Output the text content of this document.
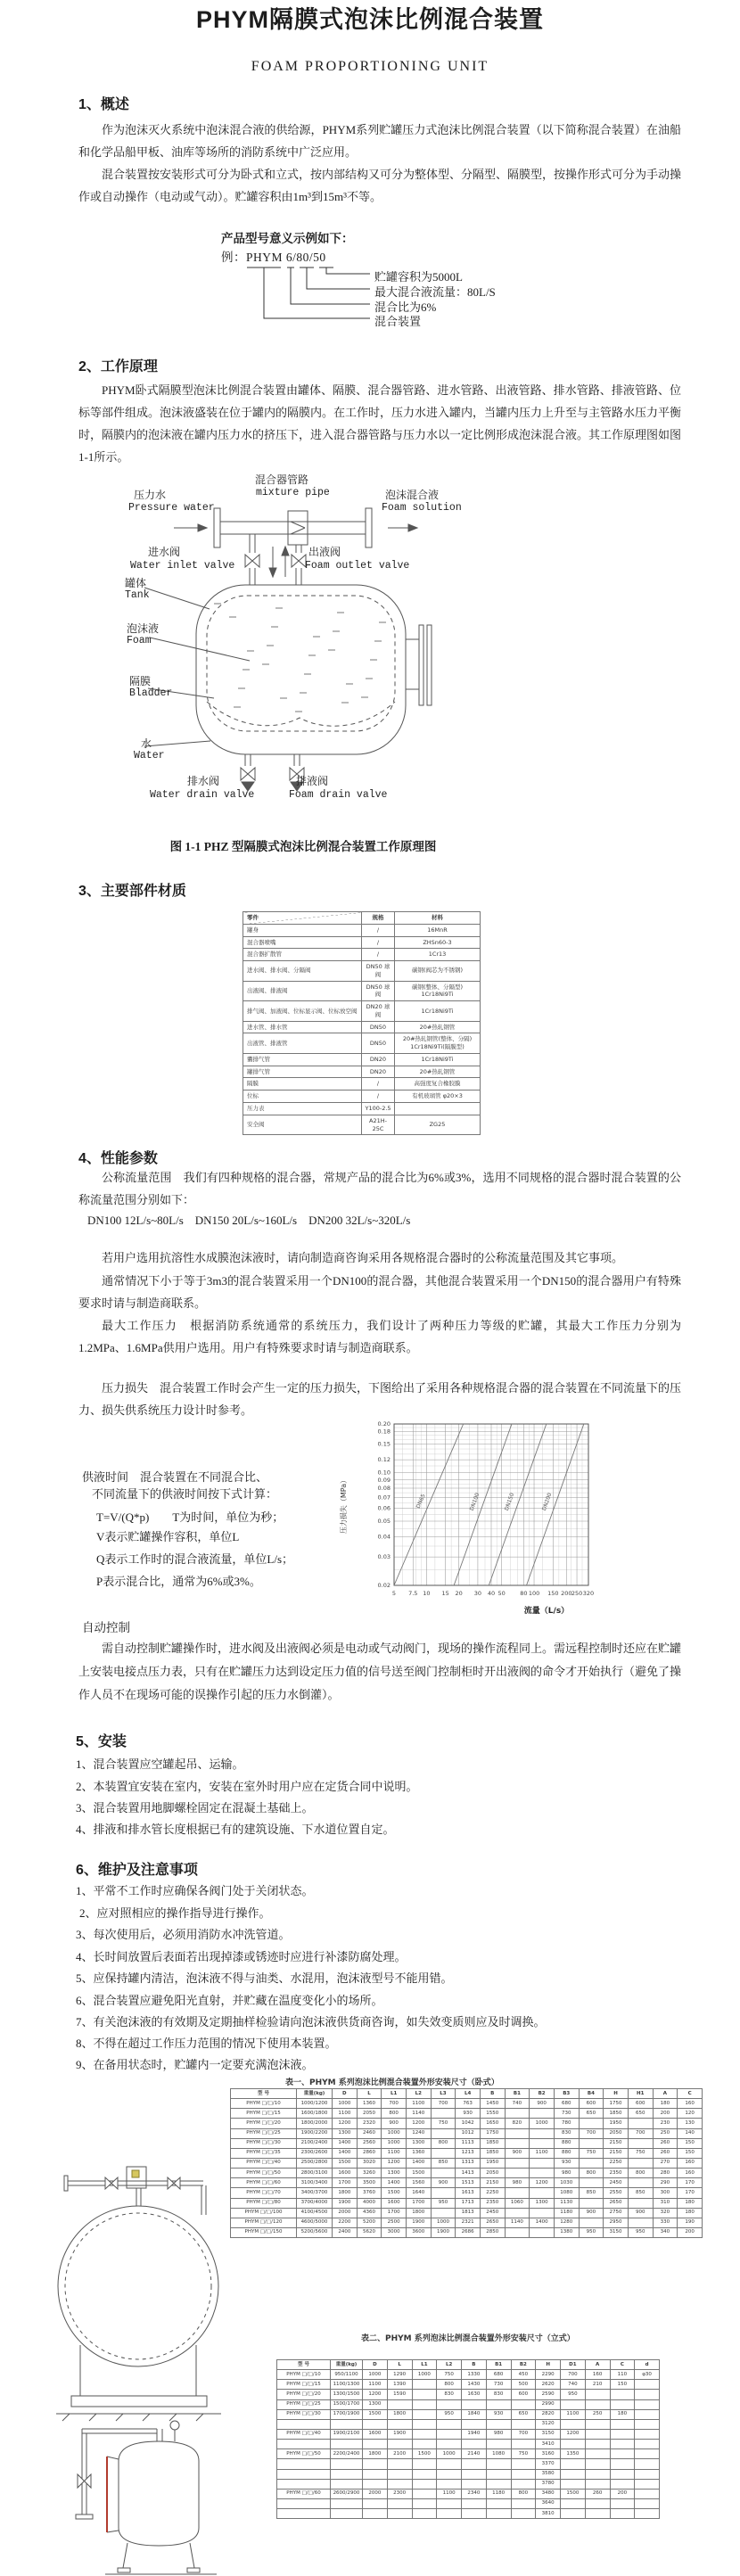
PHYM隔膜式泡沫比例混合装置
FOAM PROPORTIONING UNIT
1、概述
作为泡沫灭火系统中泡沫混合液的供给源，PHYM系列贮罐压力式泡沫比例混合装置（以下简称混合装置）在油船和化学品船甲板、油库等场所的消防系统中广泛应用。
混合装置按安装形式可分为卧式和立式，按内部结构又可分为整体型、分隔型、隔膜型，按操作形式可分为手动操作或自动操作（电动或气动）。贮罐容积由1m³到15m³不等。
产品型号意义示例如下：
例：PHYM 6/80/50
贮罐容积为5000L
最大混合液流量：80L/S
混合比为6%
混合装置
2、工作原理
PHYM卧式隔膜型泡沫比例混合装置由罐体、隔膜、混合器管路、进水管路、出液管路、排水管路、排液管路、位标等部件组成。泡沫液盛装在位于罐内的隔膜内。在工作时，压力水进入罐内，当罐内压力上升至与主管路水压力平衡时，隔膜内的泡沫液在罐内压力水的挤压下，进入混合器管路与压力水以一定比例形成泡沫混合液。其工作原理图如图1-1所示。
压力水
Pressure water
混合器管路
mixture pipe	泡沫混合液
Foam solution
进水阀
Water inlet valve
出液阀
Foam outlet valve
罐体
Tank
泡沫液
Foam
隔膜
Bladder
水
Water
排水阀
Water drain valve
排液阀
Foam drain valve
图 1-1 PHZ 型隔膜式泡沫比例混合装置工作原理图
3、主要部件材质
零件	规格	材料
罐身	/	16MnR
混合器喷嘴	/	ZHSn60-3
混合器扩散管	/	1Cr13
进水阀、排水阀、分隔阀	DN50 球阀	碳钢(阀芯为不锈钢)
出液阀、排液阀	DN50 球阀	碳钢(整体、分隔型) 1Cr18Ni9Ti
排气阀、加液阀、位标显示阀、位标放空阀	DN20 球阀	1Cr18Ni9Ti
进水管、排水管	DN50	20#热轧钢管
出液管、排液管	DN50	20#热轧钢管(整体、分隔) 1Cr18Ni9Ti(隔膜型)
囊排气管	DN20	1Cr18Ni9Ti
罐排气管	DN20	20#热轧钢管
隔膜	/	高强度复合橡胶膜
位标	/	有机玻璃管 φ20×3
压力表	Y100-2.5	
安全阀	A21H-25C	ZG25
4、性能参数
公称流量范围　我们有四种规格的混合器，常规产品的混合比为6%或3%，选用不同规格的混合器时混合装置的公称流量范围分别如下：
DN100 12L/s~80L/s　DN150 20L/s~160L/s　DN200 32L/s~320L/s
若用户选用抗溶性水成膜泡沫液时，请向制造商咨询采用各规格混合器时的公称流量范围及其它事项。
通常情况下小于等于3m3的混合装置采用一个DN100的混合器，其他混合装置采用一个DN150的混合器用户有特殊要求时请与制造商联系。
最大工作压力　根据消防系统通常的系统压力，我们设计了两种压力等级的贮罐，其最大工作压力分别为1.2MPa、1.6MPa供用户选用。用户有特殊要求时请与制造商联系。
压力损失　混合装置工作时会产生一定的压力损失，下图给出了采用各种规格混合器的混合装置在不同流量下的压力、损失供系统压力设计时参考。
供液时间　混合装置在不同混合比、
不同流量下的供液时间按下式计算：
T=V/(Q*p)　　T为时间，单位为秒；
V表示贮罐操作容积，单位L
Q表示工作时的混合液流量，单位L/s；
P表示混合比，通常为6%或3%。
5 7.5 10 15 20 30 40 50	80 100 150 200 250 320
0.02
0.03
0.04
0.05
0.06
0.07
0.08
0.09
0.10
0.12
0.15
0.18
0.20
DN65	DN100	DN150	DN200
压力损失（MPa）
流量（L/s）
自动控制
需自动控制贮罐操作时，进水阀及出液阀必须是电动或气动阀门，现场的操作流程同上。需远程控制时还应在贮罐上安装电接点压力表，只有在贮罐压力达到设定压力值的信号送至阀门控制柜时开出液阀的命令才开始执行（避免了操作人员不在现场可能的误操作引起的压力水倒灌）。
5、安装
1、混合装置应空罐起吊、运输。
2、本装置宜安装在室内，安装在室外时用户应在定货合同中说明。
3、混合装置用地脚螺栓固定在混凝土基础上。
4、排液和排水管长度根据已有的建筑设施、下水道位置自定。
6、维护及注意事项
1、平常不工作时应确保各阀门处于关闭状态。
2、应对照相应的操作指导进行操作。
3、每次使用后，必须用消防水冲洗管道。
4、长时间放置后表面若出现掉漆或锈迹时应进行补漆防腐处理。
5、应保持罐内清洁，泡沫液不得与油类、水混用，泡沫液型号不能用错。
6、混合装置应避免阳光直射，并贮藏在温度变化小的场所。
7、有关泡沫液的有效期及定期抽样检验请向泡沫液供货商咨询，如失效变质则应及时调换。
8、不得在超过工作压力范围的情况下使用本装置。
9、在备用状态时，贮罐内一定要充满泡沫液。
表一、PHYM 系列泡沫比例混合装置外形安装尺寸（卧式）
型 号	重量(kg)	D	L	L1	L2	L3	L4	B	B1	B2	B3	B4	H	H1	A	C
PHYM □/□/10	1000/1200	1000	1360	700	1100	700	763	1450	740	900	680	600	1750	600	180	160
PHYM □/□/15	1600/1800	1100	2050	800	1140		930	1550			730	650	1850	650	200	120
PHYM □/□/20	1800/2000	1200	2320	900	1200	750	1042	1650	820	1000	780		1950		230	130
PHYM □/□/25	1900/2200	1300	2460	1000	1240		1012	1750			830	700	2050	700	250	140
PHYM □/□/30	2100/2400	1400	2560	1000	1300	800	1113	1850			880		2150		260	150
PHYM □/□/35	2300/2600	1400	2860	1100	1360		1213	1850	900	1100	880	750	2150	750	260	150
PHYM □/□/40	2500/2800	1500	3020	1200	1400	850	1313	1950			930		2250		270	160
PHYM □/□/50	2800/3100	1600	3260	1300	1500		1413	2050			980	800	2350	800	280	160
PHYM □/□/60	3100/3400	1700	3500	1400	1560	900	1513	2150	980	1200	1030		2450		290	170
PHYM □/□/70	3400/3700	1800	3760	1500	1640		1613	2250			1080	850	2550	850	300	170
PHYM □/□/80	3700/4000	1900	4000	1600	1700	950	1713	2350	1060	1300	1130		2650		310	180
PHYM □/□/100	4100/4500	2000	4360	1700	1800		1813	2450			1180	900	2750	900	320	180
PHYM □/□/120	4600/5000	2200	5200	2500	1900	1000	2321	2650	1140	1400	1280		2950		330	190
PHYM □/□/150	5200/5600	2400	5620	3000	3600	1900	2686	2850			1380	950	3150	950	340	200
表二、PHYM 系列泡沫比例混合装置外形安装尺寸（立式）
型 号	重量(kg)	D	L	L1	L2	B	B1	B2	H	D1	A	C	d
PHYM □/□/10	950/1100	1000	1290	1000	750	1330	680	450	2290	700	160	110	φ30
PHYM □/□/15	1100/1300	1100	1390		800	1430	730	500	2620	740	210	150	
PHYM □/□/20	1300/1500	1200	1590		830	1630	830	600	2590	950			
PHYM □/□/25	1500/1700	1300							2990				
PHYM □/□/30	1700/1900	1500	1800		950	1840	930	650	2820	1100	250	180	
									3120				
PHYM □/□/40	1900/2100	1600	1900			1940	980	700	3150	1200			
									3410				
PHYM □/□/50	2200/2400	1800	2100	1500	1000	2140	1080	750	3160	1350			
									3370				
									3580				
									3780				
PHYM □/□/60	2600/2900	2000	2300		1100	2340	1180	800	3480	1500	260	200	
									3640				
									3810				
